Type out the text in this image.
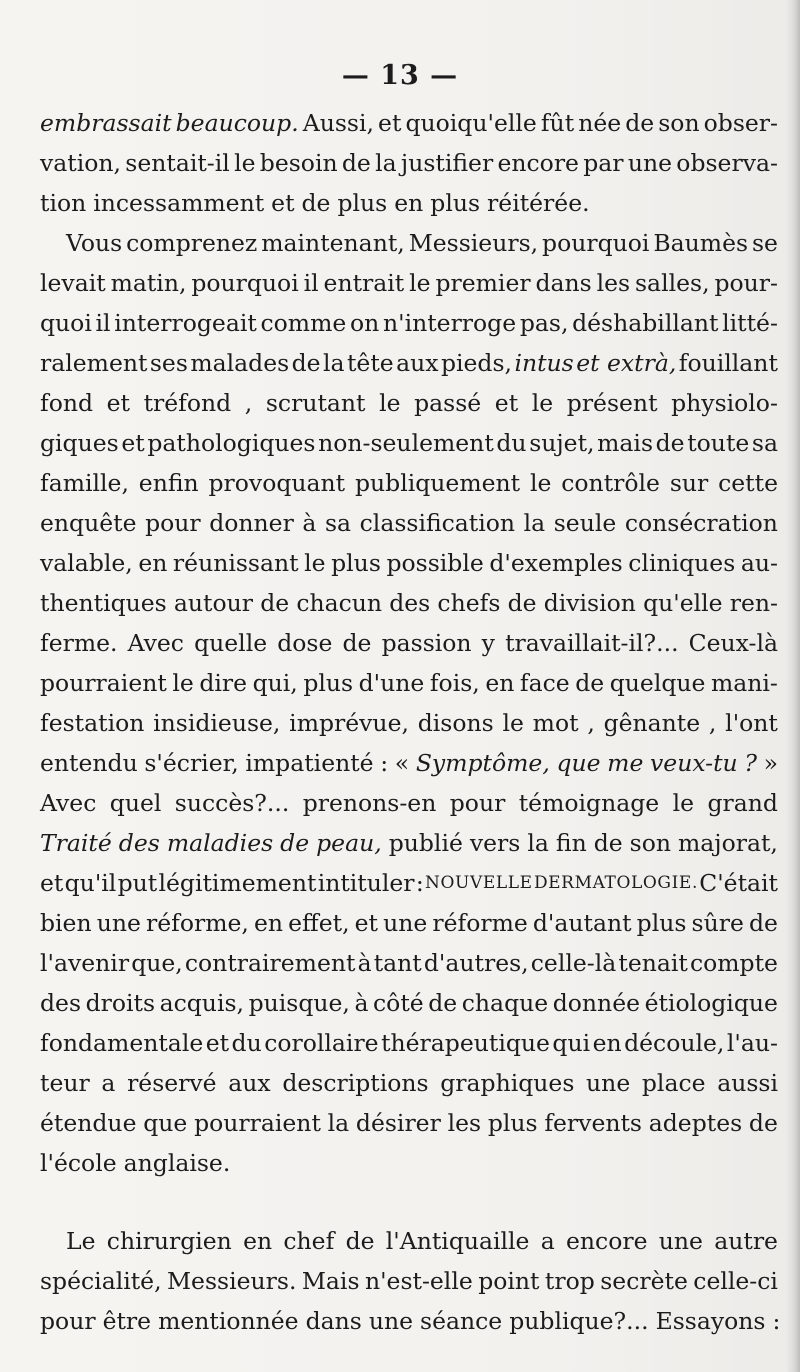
— 13 —
embrassait beaucoup. Aussi, et quoiqu'elle fût née de son obser-
vation, sentait-il le besoin de la justifier encore par une observa-
tion incessamment et de plus en plus réitérée.
Vous comprenez maintenant, Messieurs, pourquoi Baumès se
levait matin, pourquoi il entrait le premier dans les salles, pour-
quoi il interrogeait comme on n'interroge pas, déshabillant litté-
ralement ses malades de la tête aux pieds, intus et extrà, fouillant
fond et tréfond , scrutant le passé et le présent physiolo-
giques et pathologiques non-seulement du sujet, mais de toute sa
famille, enfin provoquant publiquement le contrôle sur cette
enquête pour donner à sa classification la seule consécration
valable, en réunissant le plus possible d'exemples cliniques au-
thentiques autour de chacun des chefs de division qu'elle ren-
ferme. Avec quelle dose de passion y travaillait-il?... Ceux-là
pourraient le dire qui, plus d'une fois, en face de quelque mani-
festation insidieuse, imprévue, disons le mot , gênante , l'ont
entendu s'écrier, impatienté : « Symptôme, que me veux-tu ? »
Avec quel succès?... prenons-en pour témoignage le grand
Traité des maladies de peau, publié vers la fin de son majorat,
et qu'il put légitimement intituler : NOUVELLE DERMATOLOGIE. C'était
bien une réforme, en effet, et une réforme d'autant plus sûre de
l'avenir que, contrairement à tant d'autres, celle-là tenait compte
des droits acquis, puisque, à côté de chaque donnée étiologique
fondamentale et du corollaire thérapeutique qui en découle, l'au-
teur a réservé aux descriptions graphiques une place aussi
étendue que pourraient la désirer les plus fervents adeptes de
l'école anglaise.
Le chirurgien en chef de l'Antiquaille a encore une autre
spécialité, Messieurs. Mais n'est-elle point trop secrète celle-ci
pour être mentionnée dans une séance publique?... Essayons :
